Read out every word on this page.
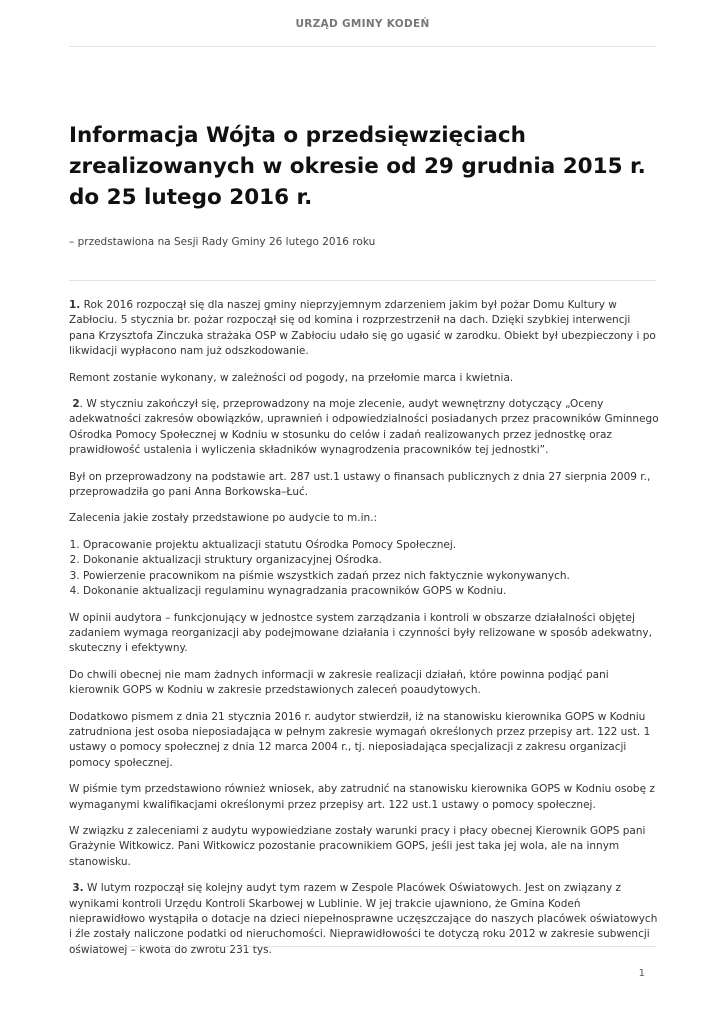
URZĄD GMINY KODEŃ
Informacja Wójta o przedsięwzięciach zrealizowanych w okresie od 29 grudnia 2015 r. do 25 lutego 2016 r.

– przedstawiona na Sesji Rady Gminy 26 lutego 2016 roku

1. Rok 2016 rozpoczął się dla naszej gminy nieprzyjemnym zdarzeniem jakim był pożar Domu Kultury w Zabłociu. 5 stycznia br. pożar rozpoczął się od komina i rozprzestrzenił na dach. Dzięki szybkiej interwencji pana Krzysztofa Zinczuka strażaka OSP w Zabłociu udało się go ugasić w zarodku. Obiekt był ubezpieczony i po likwidacji wypłacono nam już odszkodowanie.

Remont zostanie wykonany, w zależności od pogody, na przełomie marca i kwietnia.

2. W styczniu zakończył się, przeprowadzony na moje zlecenie, audyt wewnętrzny dotyczący „Oceny adekwatności zakresów obowiązków, uprawnień i odpowiedzialności posiadanych przez pracowników Gminnego Ośrodka Pomocy Społecznej w Kodniu w stosunku do celów i zadań realizowanych przez jednostkę oraz prawidłowość ustalenia i wyliczenia składników wynagrodzenia pracowników tej jednostki”.

Był on przeprowadzony na podstawie art. 287 ust.1 ustawy o finansach publicznych z dnia 27 sierpnia 2009 r., przeprowadziła go pani Anna Borkowska–Łuć.

Zalecenia jakie zostały przedstawione po audycie to m.in.:

1. Opracowanie projektu aktualizacji statutu Ośrodka Pomocy Społecznej.
2. Dokonanie aktualizacji struktury organizacyjnej Ośrodka.
3. Powierzenie pracownikom na piśmie wszystkich zadań przez nich faktycznie wykonywanych.
4. Dokonanie aktualizacji regulaminu wynagradzania pracowników GOPS w Kodniu.

W opinii audytora – funkcjonujący w jednostce system zarządzania i kontroli w obszarze działalności objętej zadaniem wymaga reorganizacji aby podejmowane działania i czynności były relizowane w sposób adekwatny, skuteczny i efektywny.

Do chwili obecnej nie mam żadnych informacji w zakresie realizacji działań, które powinna podjąć pani kierownik GOPS w Kodniu w zakresie przedstawionych zaleceń poaudytowych.

Dodatkowo pismem z dnia 21 stycznia 2016 r. audytor stwierdził, iż na stanowisku kierownika GOPS w Kodniu zatrudniona jest osoba nieposiadająca w pełnym zakresie wymagań określonych przez przepisy art. 122 ust. 1 ustawy o pomocy społecznej z dnia 12 marca 2004 r., tj. nieposiadająca specjalizacji z zakresu organizacji pomocy społecznej.

W piśmie tym przedstawiono również wniosek, aby zatrudnić na stanowisku kierownika GOPS w Kodniu osobę z wymaganymi kwalifikacjami określonymi przez przepisy art. 122 ust.1 ustawy o pomocy społecznej.

W związku z zaleceniami z audytu wypowiedziane zostały warunki pracy i płacy obecnej Kierownik GOPS pani Grażynie Witkowicz. Pani Witkowicz pozostanie pracownikiem GOPS, jeśli jest taka jej wola, ale na innym stanowisku.

3. W lutym rozpoczął się kolejny audyt tym razem w Zespole Placówek Oświatowych. Jest on związany z wynikami kontroli Urzędu Kontroli Skarbowej w Lublinie. W jej trakcie ujawniono, że Gmina Kodeń nieprawidłowo wystąpiła o dotacje na dzieci niepełnosprawne uczęszczające do naszych placówek oświatowych i źle zostały naliczone podatki od nieruchomości. Nieprawidłowości te dotyczą roku 2012 w zakresie subwencji oświatowej – kwota do zwrotu 231 tys.

1
